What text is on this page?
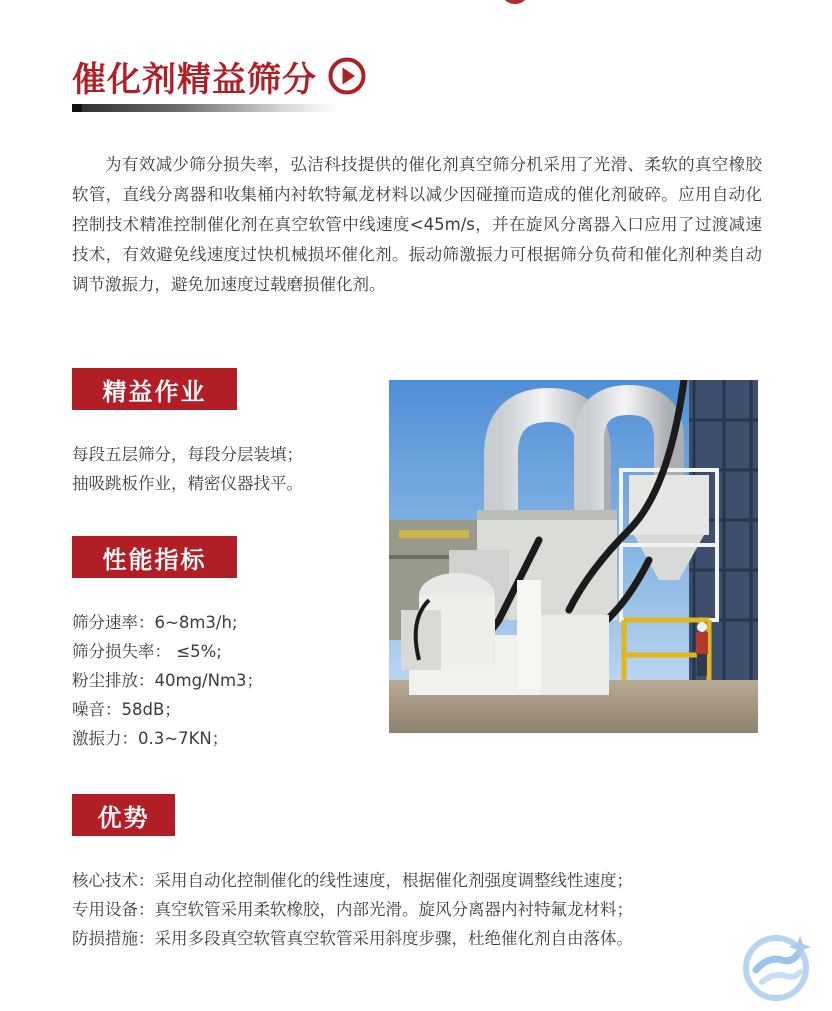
催化剂精益筛分

为有效减少筛分损失率，弘洁科技提供的催化剂真空筛分机采用了光滑、柔软的真空橡胶软管，直线分离器和收集桶内衬软特氟龙材料以减少因碰撞而造成的催化剂破碎。应用自动化控制技术精准控制催化剂在真空软管中线速度<45m/s，并在旋风分离器入口应用了过渡减速技术，有效避免线速度过快机械损坏催化剂。振动筛激振力可根据筛分负荷和催化剂种类自动调节激振力，避免加速度过载磨损催化剂。

精益作业
每段五层筛分，每段分层装填；
抽吸跳板作业，精密仪器找平。
性能指标
筛分速率：6~8m3/h;
筛分损失率： ≤5%;
粉尘排放：40mg/Nm3；
噪音：58dB；
激振力：0.3~7KN；
优势
核心技术：采用自动化控制催化的线性速度，根据催化剂强度调整线性速度；
专用设备：真空软管采用柔软橡胶，内部光滑。旋风分离器内衬特氟龙材料；
防损措施：采用多段真空软管真空软管采用斜度步骤，杜绝催化剂自由落体。
